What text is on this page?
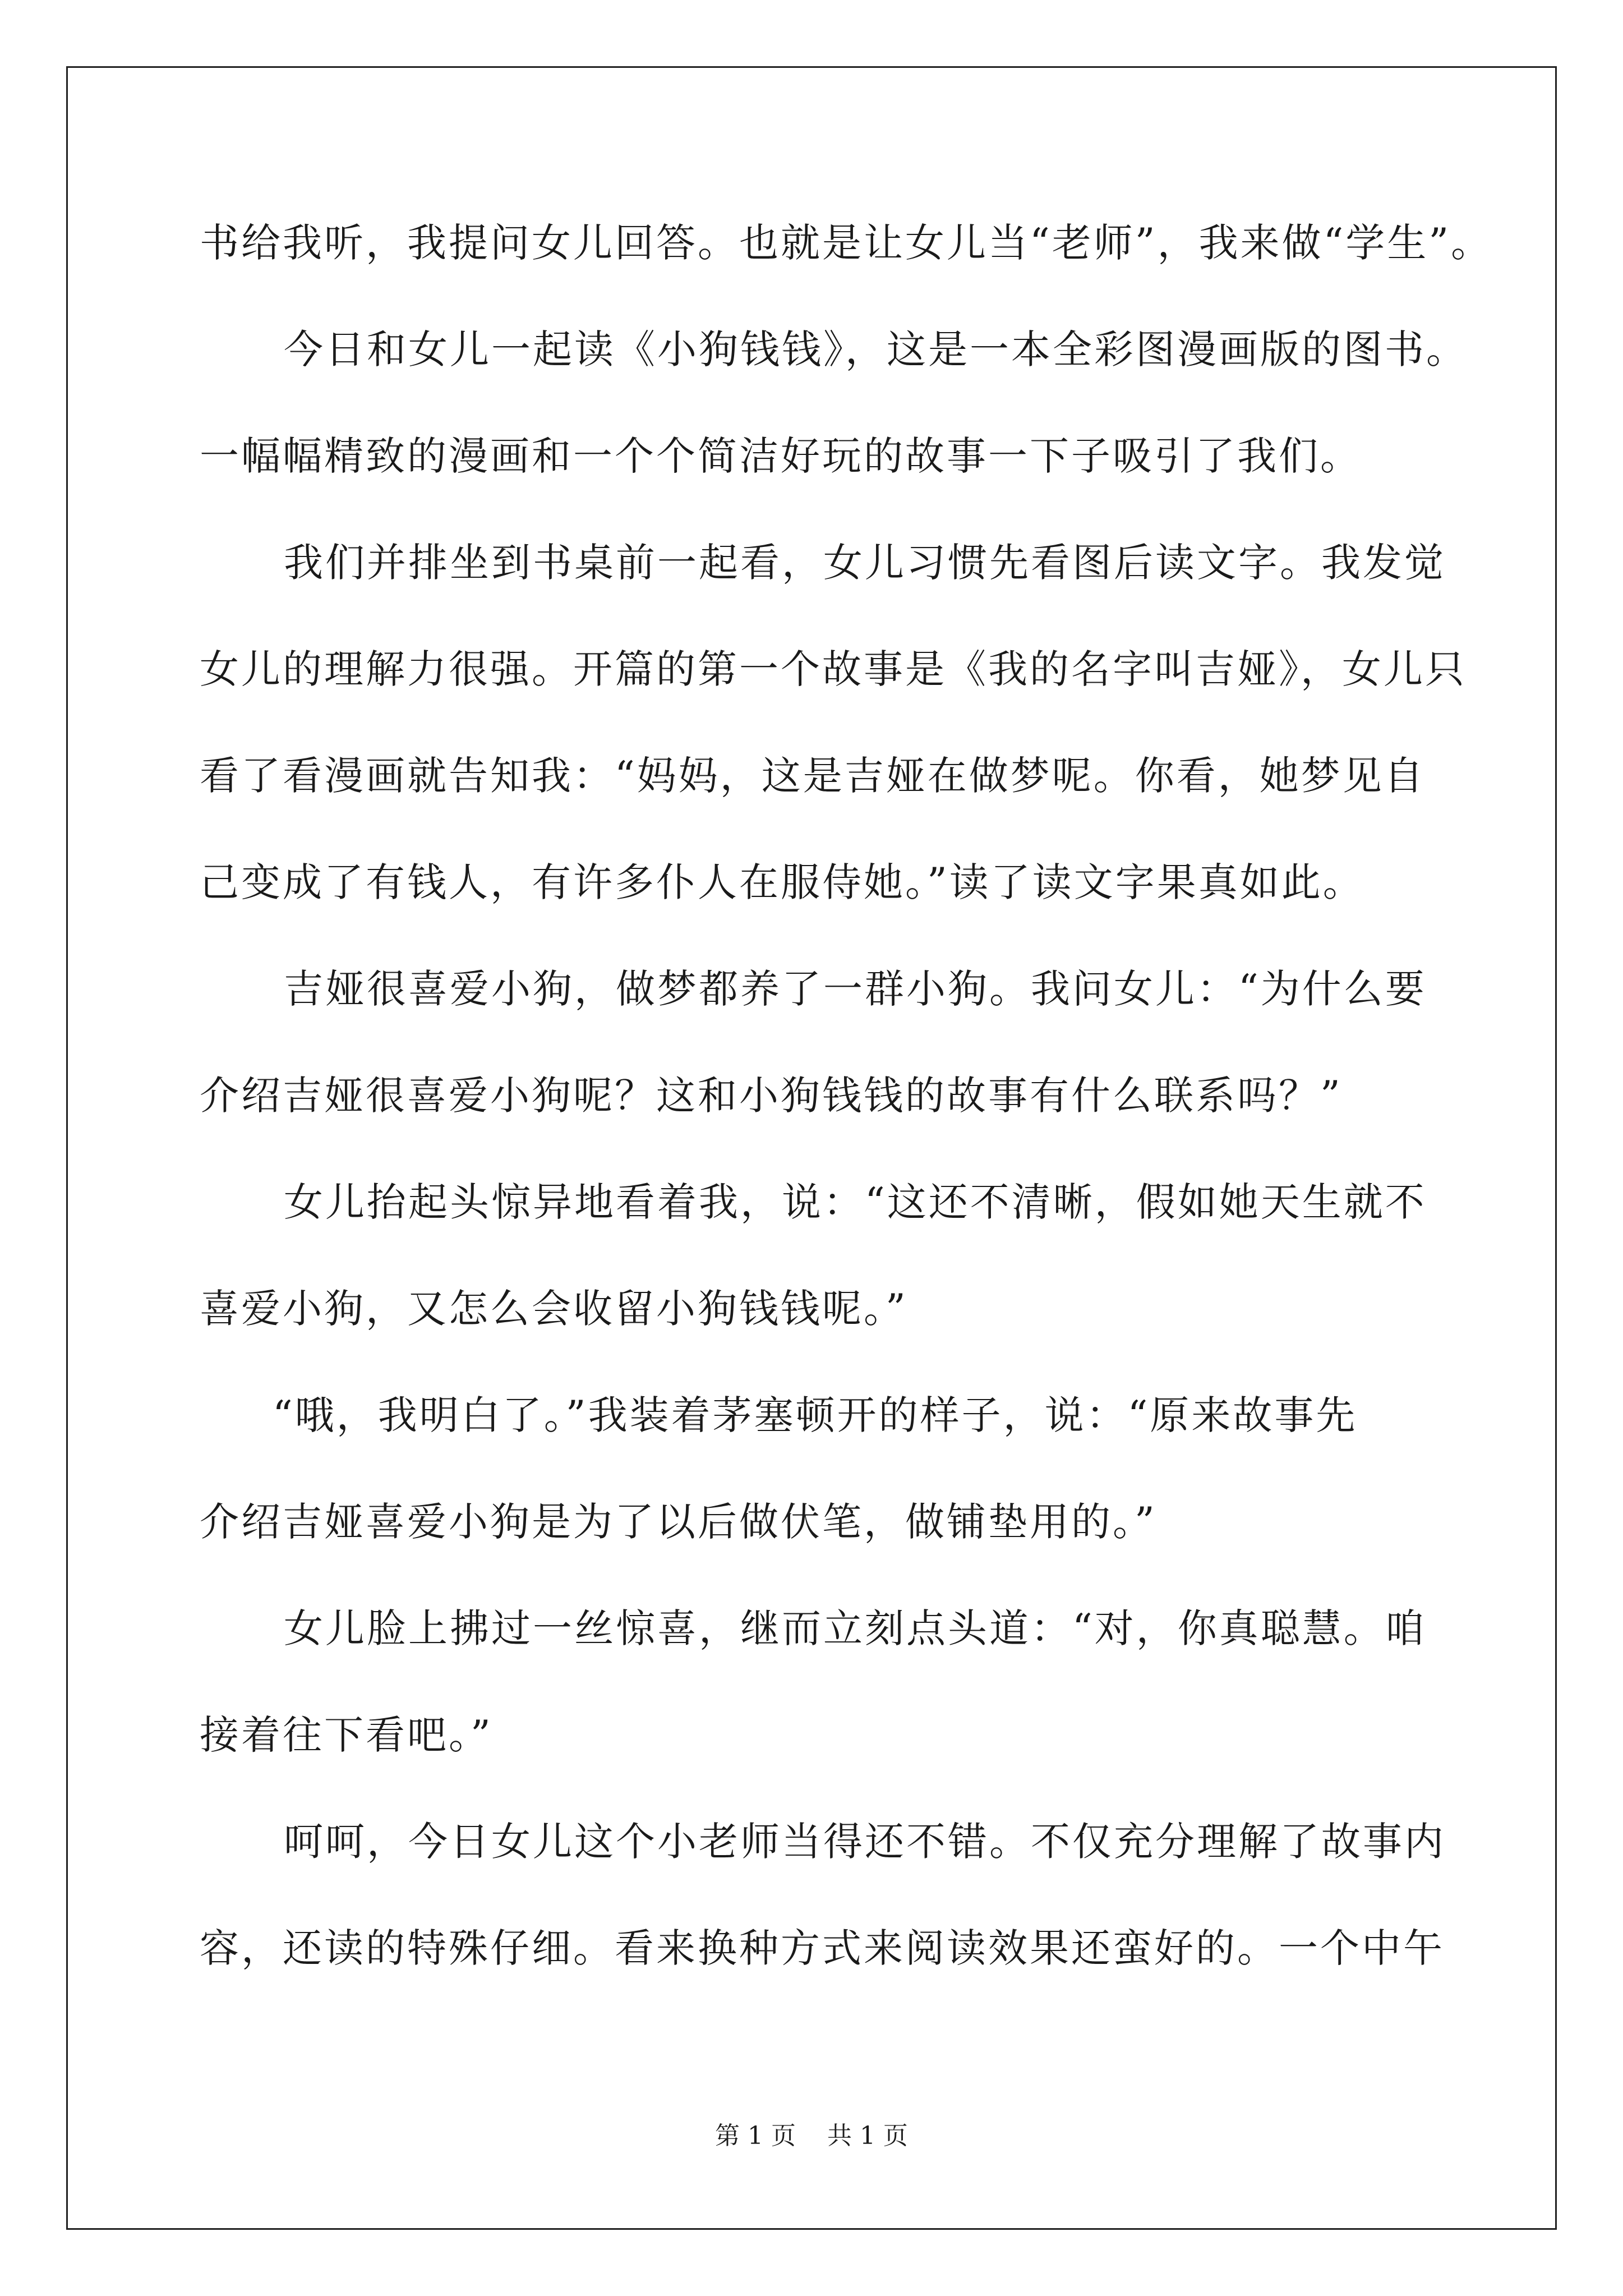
书给我听，我提问女儿回答。也就是让女儿当“老师”，我来做“学生”。
今日和女儿一起读《小狗钱钱》，这是一本全彩图漫画版的图书。
一幅幅精致的漫画和一个个简洁好玩的故事一下子吸引了我们。
我们并排坐到书桌前一起看，女儿习惯先看图后读文字。我发觉
女儿的理解力很强。开篇的第一个故事是《我的名字叫吉娅》，女儿只
看了看漫画就告知我：“妈妈，这是吉娅在做梦呢。你看，她梦见自
己变成了有钱人，有许多仆人在服侍她。”读了读文字果真如此。
吉娅很喜爱小狗，做梦都养了一群小狗。我问女儿：“为什么要
介绍吉娅很喜爱小狗呢？这和小狗钱钱的故事有什么联系吗？”
女儿抬起头惊异地看着我，说：“这还不清晰，假如她天生就不
喜爱小狗，又怎么会收留小狗钱钱呢。”
“哦，我明白了。”我装着茅塞顿开的样子，说：“原来故事先
介绍吉娅喜爱小狗是为了以后做伏笔，做铺垫用的。”
女儿脸上拂过一丝惊喜，继而立刻点头道：“对，你真聪慧。咱
接着往下看吧。”
呵呵，今日女儿这个小老师当得还不错。不仅充分理解了故事内
容，还读的特殊仔细。看来换种方式来阅读效果还蛮好的。一个中午
第 1 页    共 1 页
